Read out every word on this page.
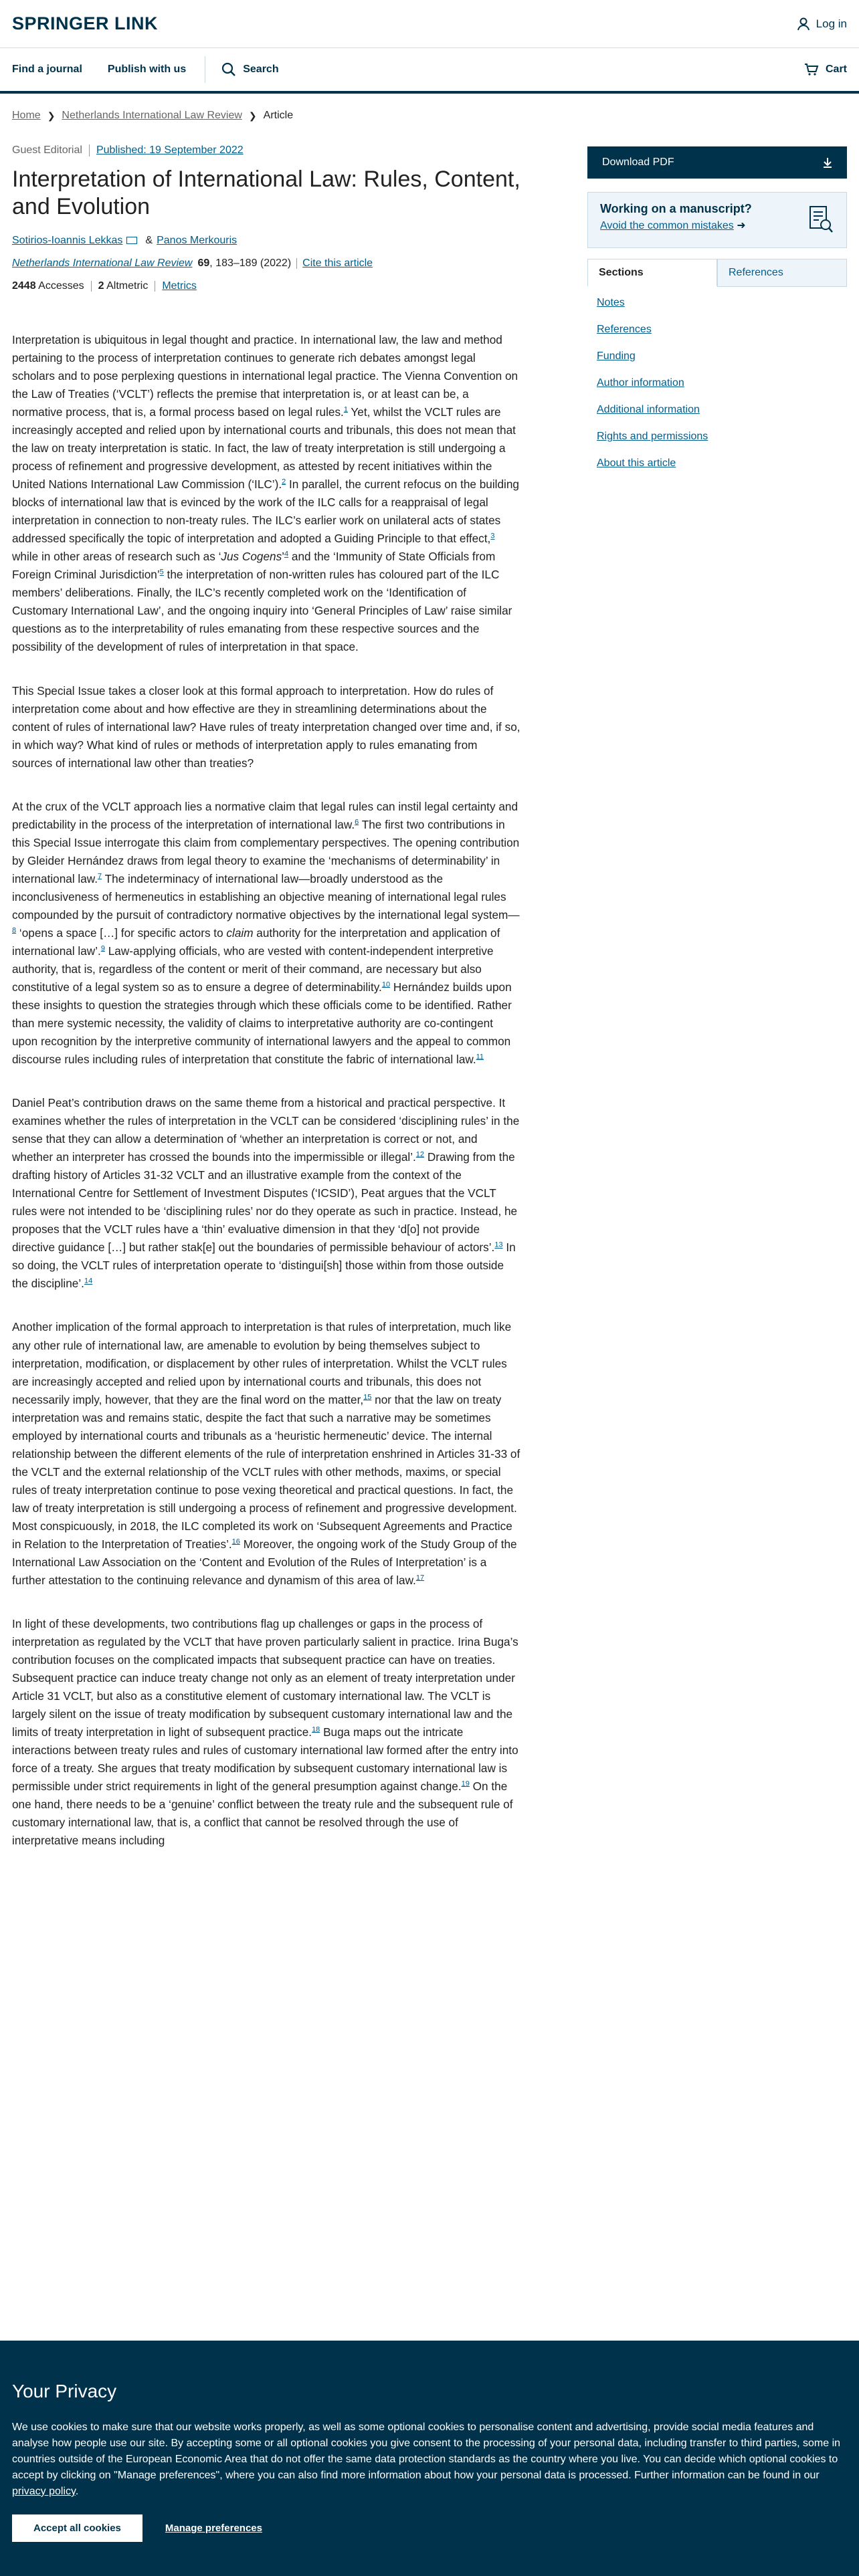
SPRINGER LINK	Log in
Find a journal Publish with us	Search	Cart
Home ❯ Netherlands International Law Review ❯ Article
Guest Editorial Published: 19 September 2022
Interpretation of International Law: Rules, Content, and Evolution
Sotirios-Ioannis Lekkas & Panos Merkouris
Netherlands International Law Review 69, 183–189 (2022) Cite this article
2448 Accesses 2 Altmetric Metrics

Interpretation is ubiquitous in legal thought and practice. In international law, the law and method pertaining to the process of interpretation continues to generate rich debates amongst legal scholars and to pose perplexing questions in international legal practice. The Vienna Convention on the Law of Treaties (‘VCLT’) reflects the premise that interpretation is, or at least can be, a normative process, that is, a formal process based on legal rules.$^1$ Yet, whilst the VCLT rules are increasingly accepted and relied upon by international courts and tribunals, this does not mean that the law on treaty interpretation is static. In fact, the law of treaty interpretation is still undergoing a process of refinement and progressive development, as attested by recent initiatives within the United Nations International Law Commission (‘ILC’).$^2$ In parallel, the current refocus on the building blocks of international law that is evinced by the work of the ILC calls for a reappraisal of legal interpretation in connection to non-treaty rules. The ILC’s earlier work on unilateral acts of states addressed specifically the topic of interpretation and adopted a Guiding Principle to that effect,$^3$ while in other areas of research such as ‘Jus Cogens’$^4$ and the ‘Immunity of State Officials from Foreign Criminal Jurisdiction’$^5$ the interpretation of non-written rules has coloured part of the ILC members’ deliberations. Finally, the ILC’s recently completed work on the ‘Identification of Customary International Law’, and the ongoing inquiry into ‘General Principles of Law’ raise similar questions as to the interpretability of rules emanating from these respective sources and the possibility of the development of rules of interpretation in that space.

This Special Issue takes a closer look at this formal approach to interpretation. How do rules of interpretation come about and how effective are they in streamlining determinations about the content of rules of international law? Have rules of treaty interpretation changed over time and, if so, in which way? What kind of rules or methods of interpretation apply to rules emanating from sources of international law other than treaties?

At the crux of the VCLT approach lies a normative claim that legal rules can instil legal certainty and predictability in the process of the interpretation of international law.$^6$ The first two contributions in this Special Issue interrogate this claim from complementary perspectives. The opening contribution by Gleider Hernández draws from legal theory to examine the ‘mechanisms of determinability’ in international law.$^7$ The indeterminacy of international law—broadly understood as the inconclusiveness of hermeneutics in establishing an objective meaning of international legal rules compounded by the pursuit of contradictory normative objectives by the international legal system—$^8$ ‘opens a space […] for specific actors to claim authority for the interpretation and application of international law’.$^9$ Law-applying officials, who are vested with content-independent interpretive authority, that is, regardless of the content or merit of their command, are necessary but also constitutive of a legal system so as to ensure a degree of determinability.$^{10}$ Hernández builds upon these insights to question the strategies through which these officials come to be identified. Rather than mere systemic necessity, the validity of claims to interpretative authority are co-contingent upon recognition by the interpretive community of international lawyers and the appeal to common discourse rules including rules of interpretation that constitute the fabric of international law.$^{11}$

Daniel Peat’s contribution draws on the same theme from a historical and practical perspective. It examines whether the rules of interpretation in the VCLT can be considered ‘disciplining rules’ in the sense that they can allow a determination of ‘whether an interpretation is correct or not, and whether an interpreter has crossed the bounds into the impermissible or illegal’.$^{12}$ Drawing from the drafting history of Articles 31-32 VCLT and an illustrative example from the context of the International Centre for Settlement of Investment Disputes (‘ICSID’), Peat argues that the VCLT rules were not intended to be ‘disciplining rules’ nor do they operate as such in practice. Instead, he proposes that the VCLT rules have a ‘thin’ evaluative dimension in that they ‘d[o] not provide directive guidance […] but rather stak[e] out the boundaries of permissible behaviour of actors’.$^{13}$ In so doing, the VCLT rules of interpretation operate to ‘distingui[sh] those within from those outside the discipline’.$^{14}$

Another implication of the formal approach to interpretation is that rules of interpretation, much like any other rule of international law, are amenable to evolution by being themselves subject to interpretation, modification, or displacement by other rules of interpretation. Whilst the VCLT rules are increasingly accepted and relied upon by international courts and tribunals, this does not necessarily imply, however, that they are the final word on the matter,$^{15}$ nor that the law on treaty interpretation was and remains static, despite the fact that such a narrative may be sometimes employed by international courts and tribunals as a ‘heuristic hermeneutic’ device. The internal relationship between the different elements of the rule of interpretation enshrined in Articles 31-33 of the VCLT and the external relationship of the VCLT rules with other methods, maxims, or special rules of treaty interpretation continue to pose vexing theoretical and practical questions. In fact, the law of treaty interpretation is still undergoing a process of refinement and progressive development. Most conspicuously, in 2018, the ILC completed its work on ‘Subsequent Agreements and Practice in Relation to the Interpretation of Treaties’.$^{16}$ Moreover, the ongoing work of the Study Group of the International Law Association on the ‘Content and Evolution of the Rules of Interpretation’ is a further attestation to the continuing relevance and dynamism of this area of law.$^{17}$

In light of these developments, two contributions flag up challenges or gaps in the process of interpretation as regulated by the VCLT that have proven particularly salient in practice. Irina Buga’s contribution focuses on the complicated impacts that subsequent practice can have on treaties. Subsequent practice can induce treaty change not only as an element of treaty interpretation under Article 31 VCLT, but also as a constitutive element of customary international law. The VCLT is largely silent on the issue of treaty modification by subsequent customary international law and the limits of treaty interpretation in light of subsequent practice.$^{18}$ Buga maps out the intricate interactions between treaty rules and rules of customary international law formed after the entry into force of a treaty. She argues that treaty modification by subsequent customary international law is permissible under strict requirements in light of the general presumption against change.$^{19}$ On the one hand, there needs to be a ‘genuine’ conflict between the treaty rule and the subsequent rule of customary international law, that is, a conflict that cannot be resolved through the use of interpretative means including

Download PDF
Working on a manuscript?
Avoid the common mistakes ➜
Sections	References
Notes
References
Funding
Author information
Additional information
Rights and permissions
About this article
Your Privacy

We use cookies to make sure that our website works properly, as well as some optional cookies to personalise content and advertising, provide social media features and analyse how people use our site. By accepting some or all optional cookies you give consent to the processing of your personal data, including transfer to third parties, some in countries outside of the European Economic Area that do not offer the same data protection standards as the country where you live. You can decide which optional cookies to accept by clicking on "Manage preferences", where you can also find more information about how your personal data is processed. Further information can be found in our privacy policy.

Accept all cookies	Manage preferences
